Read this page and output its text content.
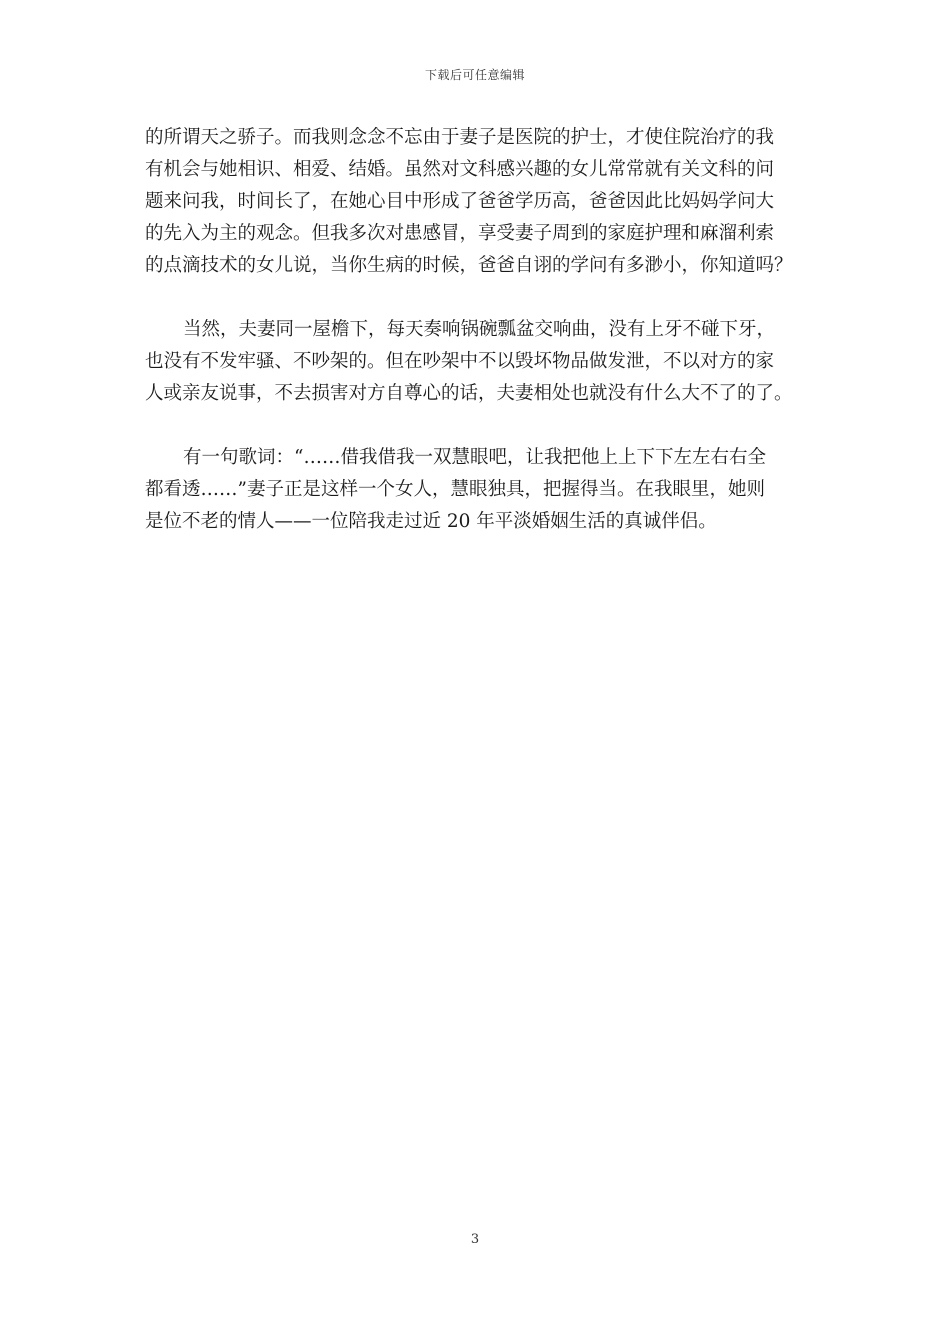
下载后可任意编辑
的所谓天之骄子。而我则念念不忘由于妻子是医院的护士，才使住院治疗的我
有机会与她相识、相爱、结婚。虽然对文科感兴趣的女儿常常就有关文科的问
题来问我，时间长了，在她心目中形成了爸爸学历高，爸爸因此比妈妈学问大
的先入为主的观念。但我多次对患感冒，享受妻子周到的家庭护理和麻溜利索
的点滴技术的女儿说，当你生病的时候，爸爸自诩的学问有多渺小，你知道吗？
当然，夫妻同一屋檐下，每天奏响锅碗瓢盆交响曲，没有上牙不碰下牙，
也没有不发牢骚、不吵架的。但在吵架中不以毁坏物品做发泄，不以对方的家
人或亲友说事，不去损害对方自尊心的话，夫妻相处也就没有什么大不了的了。
有一句歌词：“……借我借我一双慧眼吧，让我把他上上下下左左右右全
都看透……”妻子正是这样一个女人，慧眼独具，把握得当。在我眼里，她则
是位不老的情人——一位陪我走过近 20 年平淡婚姻生活的真诚伴侣。
3
